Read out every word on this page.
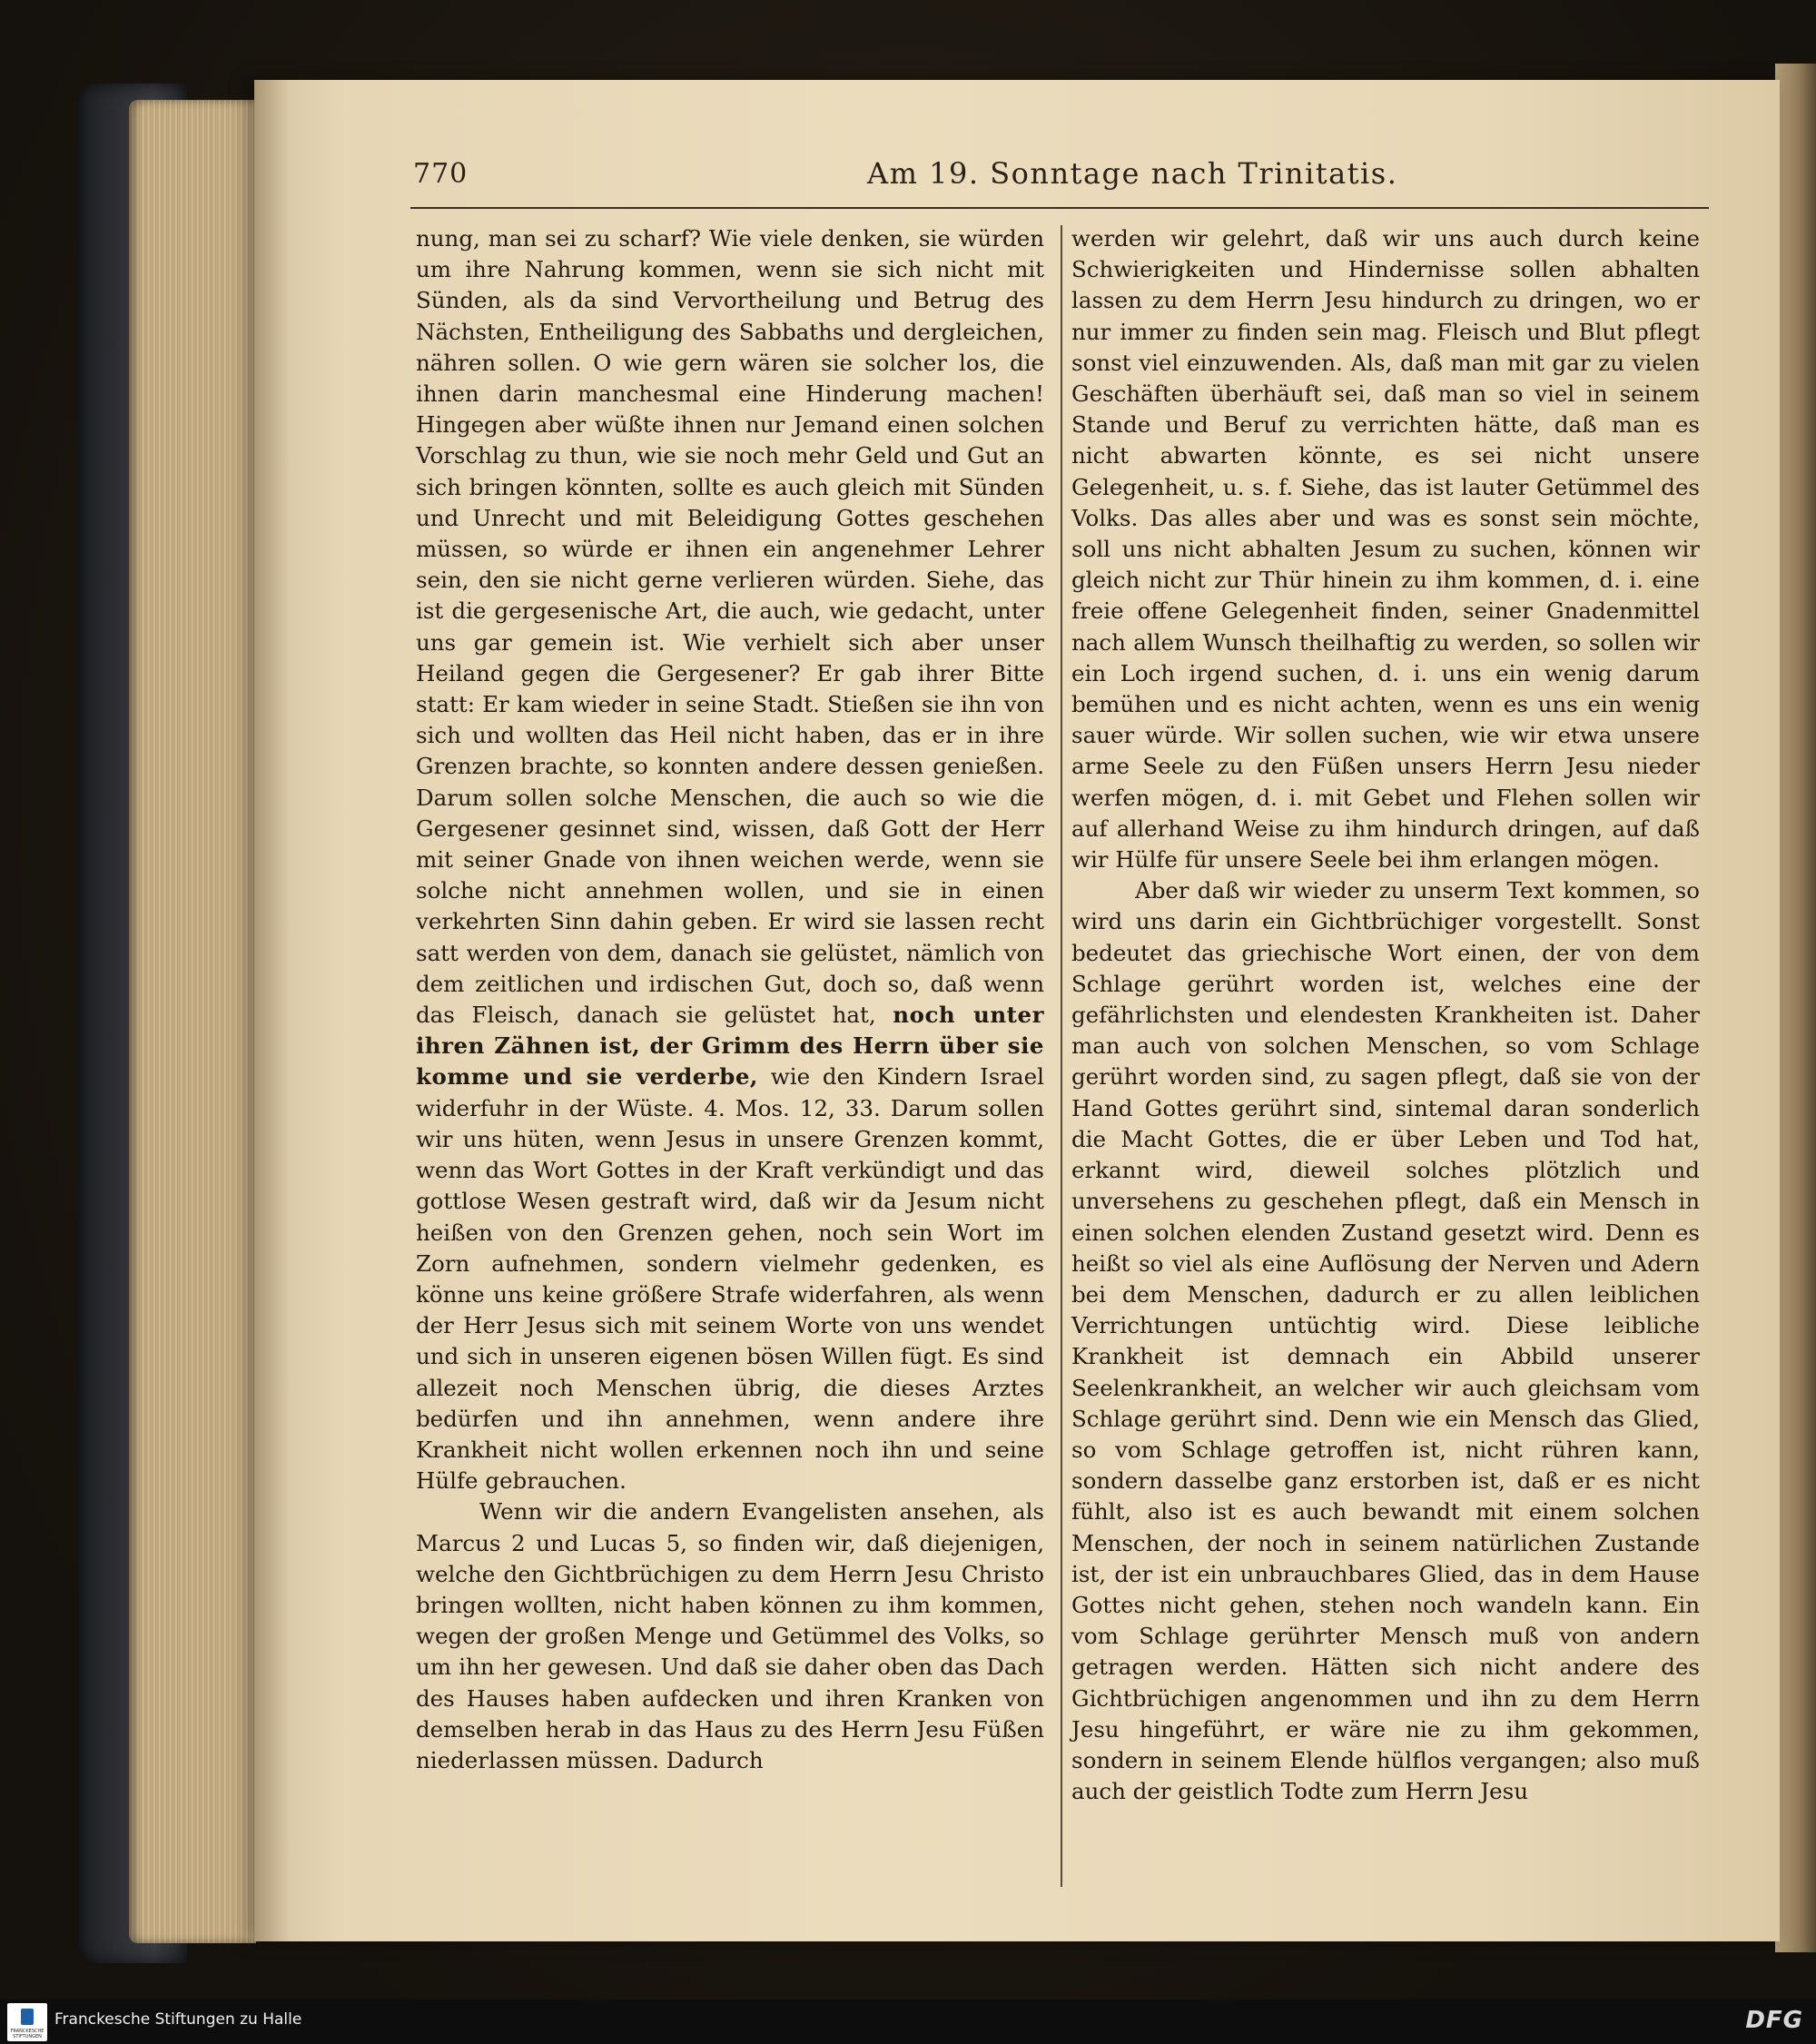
770	Am 19. Sonntage nach Trinitatis.

nung, man sei zu scharf? Wie viele denken, sie würden um ihre Nahrung kommen, wenn sie sich nicht mit Sünden, als da sind Vervortheilung und Betrug des Nächsten, Entheiligung des Sabbaths und dergleichen, nähren sollen. O wie gern wären sie solcher los, die ihnen darin manchesmal eine Hinderung machen! Hingegen aber wüßte ihnen nur Jemand einen solchen Vorschlag zu thun, wie sie noch mehr Geld und Gut an sich bringen könnten, sollte es auch gleich mit Sünden und Unrecht und mit Beleidigung Gottes geschehen müssen, so würde er ihnen ein angenehmer Lehrer sein, den sie nicht gerne verlieren würden. Siehe, das ist die gergesenische Art, die auch, wie gedacht, unter uns gar gemein ist. Wie verhielt sich aber unser Heiland gegen die Gergesener? Er gab ihrer Bitte statt: Er kam wieder in seine Stadt. Stießen sie ihn von sich und wollten das Heil nicht haben, das er in ihre Grenzen brachte, so konnten andere dessen genießen. Darum sollen solche Menschen, die auch so wie die Gergesener gesinnet sind, wissen, daß Gott der Herr mit seiner Gnade von ihnen weichen werde, wenn sie solche nicht annehmen wollen, und sie in einen verkehrten Sinn dahin geben. Er wird sie lassen recht satt werden von dem, danach sie gelüstet, nämlich von dem zeitlichen und irdischen Gut, doch so, daß wenn das Fleisch, danach sie gelüstet hat, noch unter ihren Zähnen ist, der Grimm des Herrn über sie komme und sie verderbe, wie den Kindern Israel widerfuhr in der Wüste. 4. Mos. 12, 33. Darum sollen wir uns hüten, wenn Jesus in unsere Grenzen kommt, wenn das Wort Gottes in der Kraft verkündigt und das gottlose Wesen gestraft wird, daß wir da Jesum nicht heißen von den Grenzen gehen, noch sein Wort im Zorn aufnehmen, sondern vielmehr gedenken, es könne uns keine größere Strafe widerfahren, als wenn der Herr Jesus sich mit seinem Worte von uns wendet und sich in unseren eigenen bösen Willen fügt. Es sind allezeit noch Menschen übrig, die dieses Arztes bedürfen und ihn annehmen, wenn andere ihre Krankheit nicht wollen erkennen noch ihn und seine Hülfe gebrauchen.

Wenn wir die andern Evangelisten ansehen, als Marcus 2 und Lucas 5, so finden wir, daß diejenigen, welche den Gichtbrüchigen zu dem Herrn Jesu Christo bringen wollten, nicht haben können zu ihm kommen, wegen der großen Menge und Getümmel des Volks, so um ihn her gewesen. Und daß sie daher oben das Dach des Hauses haben aufdecken und ihren Kranken von demselben herab in das Haus zu des Herrn Jesu Füßen niederlassen müssen. Dadurch

werden wir gelehrt, daß wir uns auch durch keine Schwierigkeiten und Hindernisse sollen abhalten lassen zu dem Herrn Jesu hindurch zu dringen, wo er nur immer zu finden sein mag. Fleisch und Blut pflegt sonst viel einzuwenden. Als, daß man mit gar zu vielen Geschäften überhäuft sei, daß man so viel in seinem Stande und Beruf zu verrichten hätte, daß man es nicht abwarten könnte, es sei nicht unsere Gelegenheit, u. s. f. Siehe, das ist lauter Getümmel des Volks. Das alles aber und was es sonst sein möchte, soll uns nicht abhalten Jesum zu suchen, können wir gleich nicht zur Thür hinein zu ihm kommen, d. i. eine freie offene Gelegenheit finden, seiner Gnadenmittel nach allem Wunsch theilhaftig zu werden, so sollen wir ein Loch irgend suchen, d. i. uns ein wenig darum bemühen und es nicht achten, wenn es uns ein wenig sauer würde. Wir sollen suchen, wie wir etwa unsere arme Seele zu den Füßen unsers Herrn Jesu nieder werfen mögen, d. i. mit Gebet und Flehen sollen wir auf allerhand Weise zu ihm hindurch dringen, auf daß wir Hülfe für unsere Seele bei ihm erlangen mögen.

Aber daß wir wieder zu unserm Text kommen, so wird uns darin ein Gichtbrüchiger vorgestellt. Sonst bedeutet das griechische Wort einen, der von dem Schlage gerührt worden ist, welches eine der gefährlichsten und elendesten Krankheiten ist. Daher man auch von solchen Menschen, so vom Schlage gerührt worden sind, zu sagen pflegt, daß sie von der Hand Gottes gerührt sind, sintemal daran sonderlich die Macht Gottes, die er über Leben und Tod hat, erkannt wird, dieweil solches plötzlich und unversehens zu geschehen pflegt, daß ein Mensch in einen solchen elenden Zustand gesetzt wird. Denn es heißt so viel als eine Auflösung der Nerven und Adern bei dem Menschen, dadurch er zu allen leiblichen Verrichtungen untüchtig wird. Diese leibliche Krankheit ist demnach ein Abbild unserer Seelenkrankheit, an welcher wir auch gleichsam vom Schlage gerührt sind. Denn wie ein Mensch das Glied, so vom Schlage getroffen ist, nicht rühren kann, sondern dasselbe ganz erstorben ist, daß er es nicht fühlt, also ist es auch bewandt mit einem solchen Menschen, der noch in seinem natürlichen Zustande ist, der ist ein unbrauchbares Glied, das in dem Hause Gottes nicht gehen, stehen noch wandeln kann. Ein vom Schlage gerührter Mensch muß von andern getragen werden. Hätten sich nicht andere des Gichtbrüchigen angenommen und ihn zu dem Herrn Jesu hingeführt, er wäre nie zu ihm gekommen, sondern in seinem Elende hülflos vergangen; also muß auch der geistlich Todte zum Herrn Jesu

FRANCKESCHE STIFTUNGEN
Franckesche Stiftungen zu Halle	DFG
